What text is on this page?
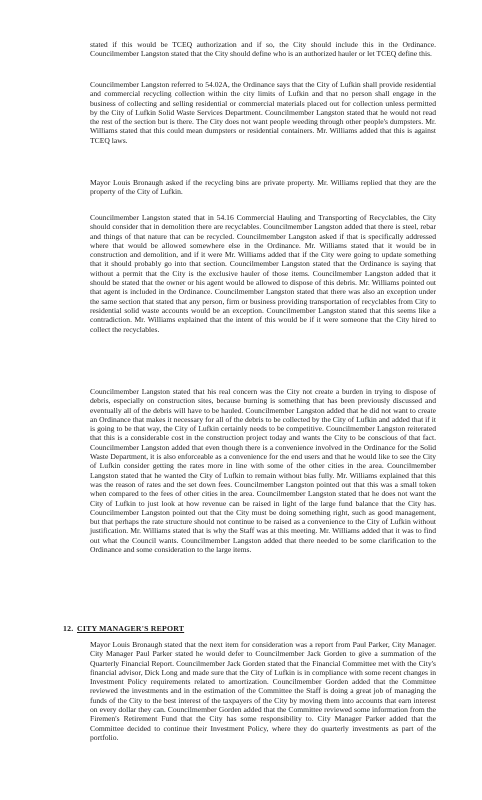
stated if this would be TCEQ authorization and if so, the City should include this in the Ordinance. Councilmember Langston stated that the City should define who is an authorized hauler or let TCEQ define this.

Councilmember Langston referred to 54.02A, the Ordinance says that the City of Lufkin shall provide residential and commercial recycling collection within the city limits of Lufkin and that no person shall engage in the business of collecting and selling residential or commercial materials placed out for collection unless permitted by the City of Lufkin Solid Waste Services Department. Councilmember Langston stated that he would not read the rest of the section but is there. The City does not want people weeding through other people's dumpsters. Mr. Williams stated that this could mean dumpsters or residential containers. Mr. Williams added that this is against TCEQ laws.

Mayor Louis Bronaugh asked if the recycling bins are private property. Mr. Williams replied that they are the property of the City of Lufkin.

Councilmember Langston stated that in 54.16 Commercial Hauling and Transporting of Recyclables, the City should consider that in demolition there are recyclables. Councilmember Langston added that there is steel, rebar and things of that nature that can be recycled. Councilmember Langston asked if that is specifically addressed where that would be allowed somewhere else in the Ordinance. Mr. Williams stated that it would be in construction and demolition, and if it were Mr. Williams added that if the City were going to update something that it should probably go into that section. Councilmember Langston stated that the Ordinance is saying that without a permit that the City is the exclusive hauler of those items. Councilmember Langston added that it should be stated that the owner or his agent would be allowed to dispose of this debris. Mr. Williams pointed out that agent is included in the Ordinance. Councilmember Langston stated that there was also an exception under the same section that stated that any person, firm or business providing transportation of recyclables from City to residential solid waste accounts would be an exception. Councilmember Langston stated that this seems like a contradiction. Mr. Williams explained that the intent of this would be if it were someone that the City hired to collect the recyclables.

Councilmember Langston stated that his real concern was the City not create a burden in trying to dispose of debris, especially on construction sites, because burning is something that has been previously discussed and eventually all of the debris will have to be hauled. Councilmember Langston added that he did not want to create an Ordinance that makes it necessary for all of the debris to be collected by the City of Lufkin and added that if it is going to be that way, the City of Lufkin certainly needs to be competitive. Councilmember Langston reiterated that this is a considerable cost in the construction project today and wants the City to be conscious of that fact. Councilmember Langston added that even though there is a convenience involved in the Ordinance for the Solid Waste Department, it is also enforceable as a convenience for the end users and that he would like to see the City of Lufkin consider getting the rates more in line with some of the other cities in the area. Councilmember Langston stated that he wanted the City of Lufkin to remain without bias fully. Mr. Williams explained that this was the reason of rates and the set down fees. Councilmember Langston pointed out that this was a small token when compared to the fees of other cities in the area. Councilmember Langston stated that he does not want the City of Lufkin to just look at how revenue can be raised in light of the large fund balance that the City has. Councilmember Langston pointed out that the City must be doing something right, such as good management, but that perhaps the rate structure should not continue to be raised as a convenience to the City of Lufkin without justification. Mr. Williams stated that is why the Staff was at this meeting. Mr. Williams added that it was to find out what the Council wants. Councilmember Langston added that there needed to be some clarification to the Ordinance and some consideration to the large items.

12. CITY MANAGER'S REPORT

Mayor Louis Bronaugh stated that the next item for consideration was a report from Paul Parker, City Manager. City Manager Paul Parker stated he would defer to Councilmember Jack Gorden to give a summation of the Quarterly Financial Report. Councilmember Jack Gorden stated that the Financial Committee met with the City's financial advisor, Dick Long and made sure that the City of Lufkin is in compliance with some recent changes in Investment Policy requirements related to amortization. Councilmember Gorden added that the Committee reviewed the investments and in the estimation of the Committee the Staff is doing a great job of managing the funds of the City to the best interest of the taxpayers of the City by moving them into accounts that earn interest on every dollar they can. Councilmember Gorden added that the Committee reviewed some information from the Firemen's Retirement Fund that the City has some responsibility to. City Manager Parker added that the Committee decided to continue their Investment Policy, where they do quarterly investments as part of the portfolio.
